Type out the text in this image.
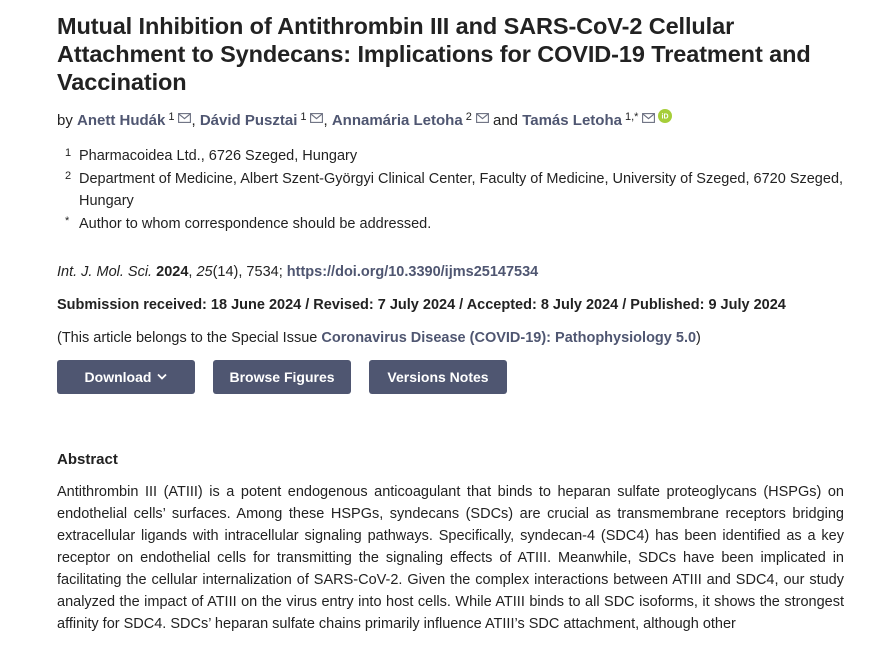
Mutual Inhibition of Antithrombin III and SARS-CoV-2 Cellular Attachment to Syndecans: Implications for COVID-19 Treatment and Vaccination
by Anett Hudák $^1$ , Dávid Pusztai $^1$ , Annamária Letoha $^2$ and Tamás Letoha $^{1,*}$	iD
1 Pharmacoidea Ltd., 6726 Szeged, Hungary
2 Department of Medicine, Albert Szent-Györgyi Clinical Center, Faculty of Medicine, University of Szeged, 6720 Szeged, Hungary
* Author to whom correspondence should be addressed.
Int. J. Mol. Sci. 2024, 25(14), 7534; https://doi.org/10.3390/ijms25147534
Submission received: 18 June 2024 / Revised: 7 July 2024 / Accepted: 8 July 2024 / Published: 9 July 2024
(This article belongs to the Special Issue Coronavirus Disease (COVID-19): Pathophysiology 5.0)
Download	Browse Figures	Versions Notes
Abstract
Antithrombin III (ATIII) is a potent endogenous anticoagulant that binds to heparan sulfate proteoglycans (HSPGs) on endothelial cells’ surfaces. Among these HSPGs, syndecans (SDCs) are crucial as transmembrane receptors bridging extracellular ligands with intracellular signaling pathways. Specifically, syndecan-4 (SDC4) has been identified as a key receptor on endothelial cells for transmitting the signaling effects of ATIII. Meanwhile, SDCs have been implicated in facilitating the cellular internalization of SARS-CoV-2. Given the complex interactions between ATIII and SDC4, our study analyzed the impact of ATIII on the virus entry into host cells. While ATIII binds to all SDC isoforms, it shows the strongest affinity for SDC4. SDCs’ heparan sulfate chains primarily influence ATIII’s SDC attachment, although other
